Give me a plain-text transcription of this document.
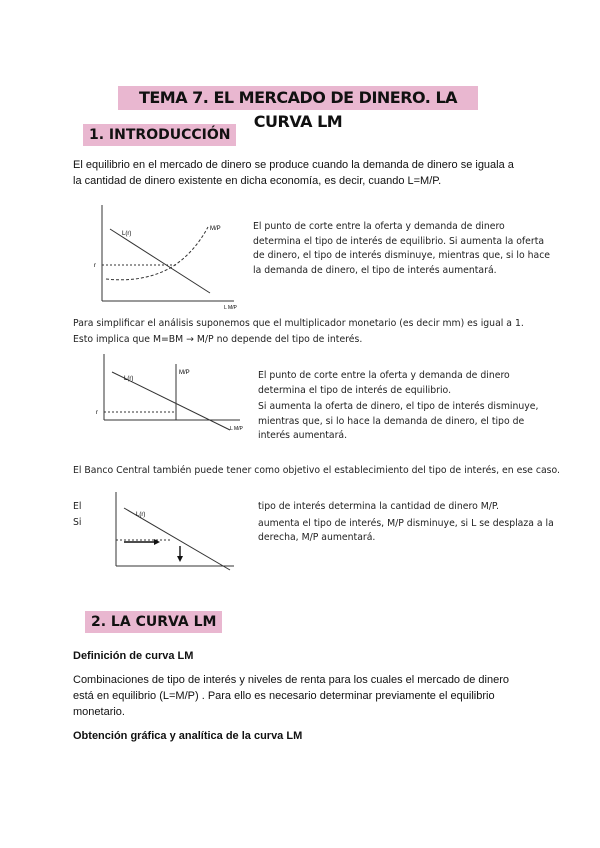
TEMA 7. EL MERCADO DE DINERO. LA CURVA LM
1. INTRODUCCIÓN
El equilibrio en el mercado de dinero se produce cuando la demanda de dinero se iguala a
la cantidad de dinero existente en dicha economía, es decir, cuando L=M/P.
L(r)
M/P
r
L M/P
El punto de corte entre la oferta y demanda de dinero
determina el tipo de interés de equilibrio. Si aumenta la oferta
de dinero, el tipo de interés disminuye, mientras que, si lo hace
la demanda de dinero, el tipo de interés aumentará.
Para simplificar el análisis suponemos que el multiplicador monetario (es decir mm) es igual a 1.
Esto implica que M=BM → M/P no depende del tipo de interés.
L(r)
M/P
r
L M/P
El punto de corte entre la oferta y demanda de dinero
determina el tipo de interés de equilibrio.
Si aumenta la oferta de dinero, el tipo de interés disminuye,
mientras que, si lo hace la demanda de dinero, el tipo de
interés aumentará.
El Banco Central también puede tener como objetivo el establecimiento del tipo de interés, en ese caso.
El
Si
L(r)
tipo de interés determina la cantidad de dinero M/P.
aumenta el tipo de interés, M/P disminuye, si L se desplaza a la
derecha, M/P aumentará.
2. LA CURVA LM
Definición de curva LM
Combinaciones de tipo de interés y niveles de renta para los cuales el mercado de dinero
está en equilibrio (L=M/P) . Para ello es necesario determinar previamente el equilibrio
monetario.
Obtención gráfica y analítica de la curva LM
